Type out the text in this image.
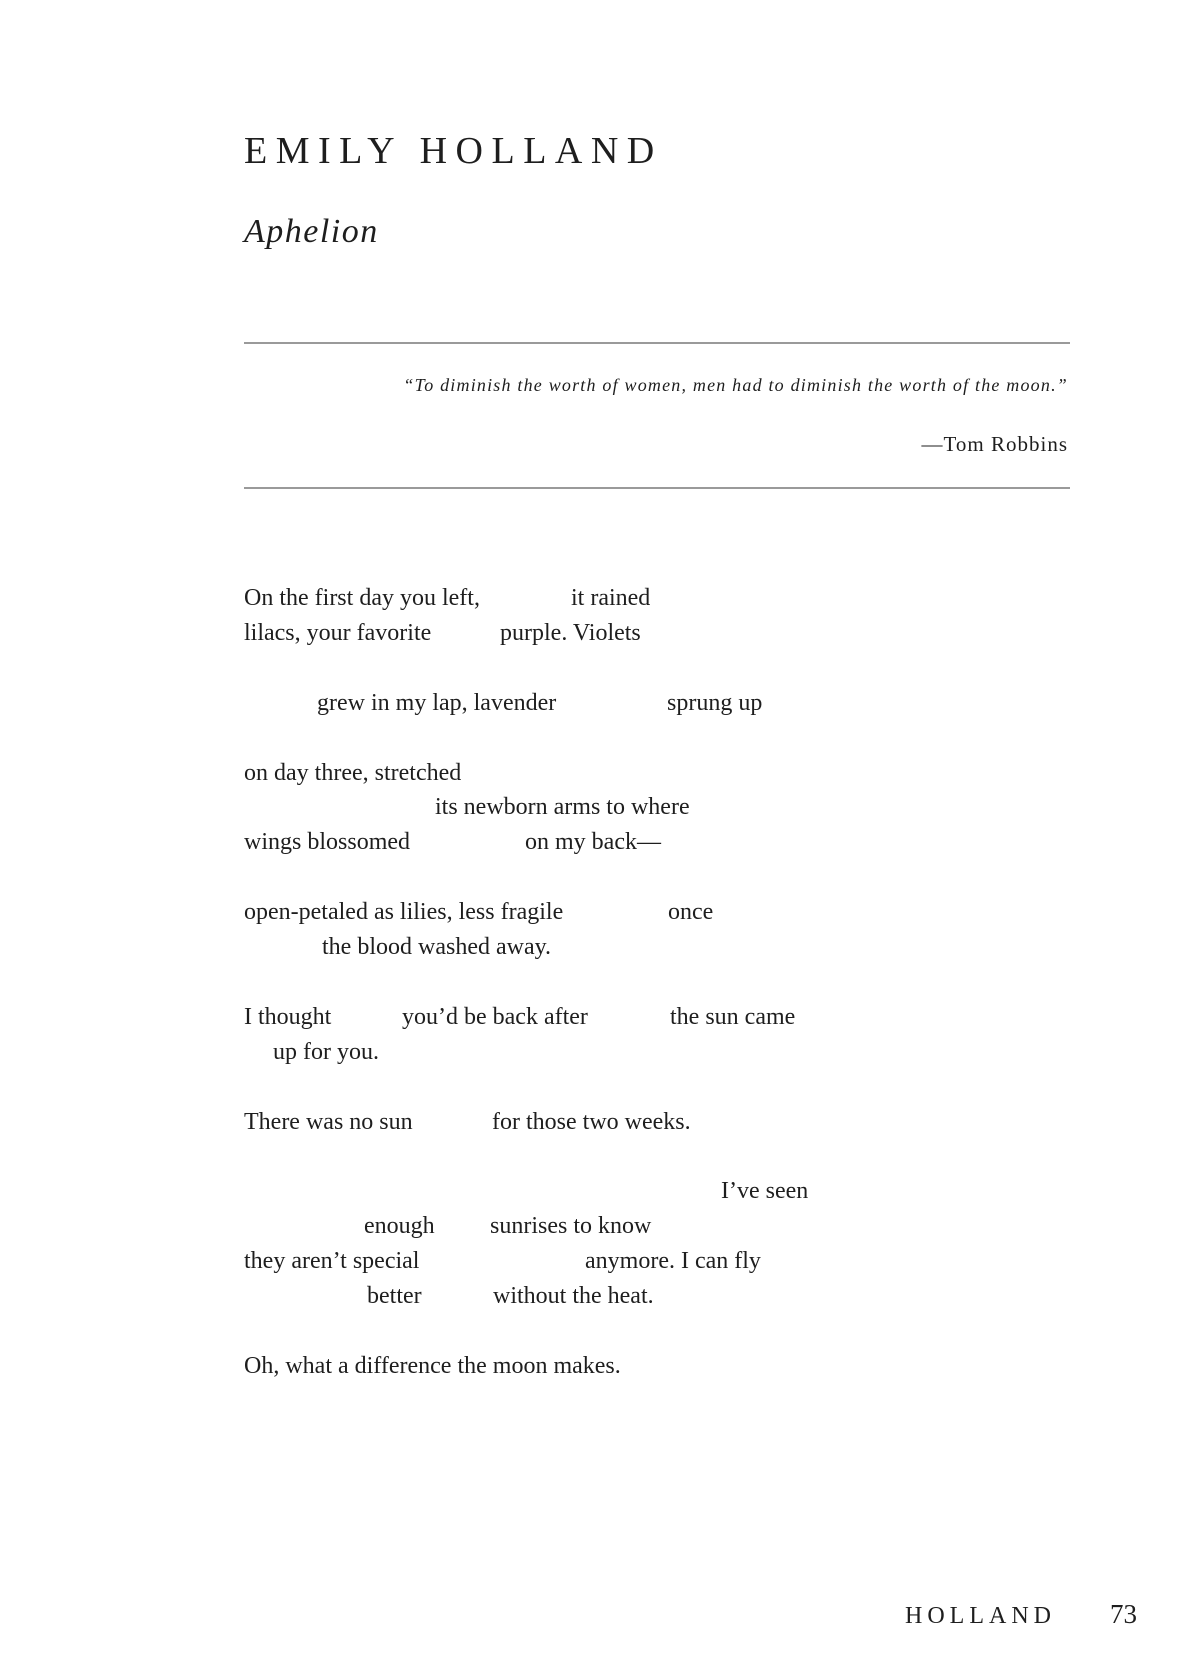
EMILY HOLLAND
Aphelion
“To diminish the worth of women, men had to diminish the worth of the moon.”
—Tom Robbins
On the first day you left,	it rained
lilacs, your favorite	purple. Violets
grew in my lap, lavender	sprung up
on day three, stretched
its newborn arms to where
wings blossomed	on my back—
open-petaled as lilies, less fragile	once
the blood washed away.
I thought	you’d be back after	the sun came
up for you.
There was no sun	for those two weeks.
I’ve seen
enough sunrises to know
they aren’t special	anymore. I can fly
better	without the heat.
Oh, what a difference the moon makes.
HOLLAND 73
